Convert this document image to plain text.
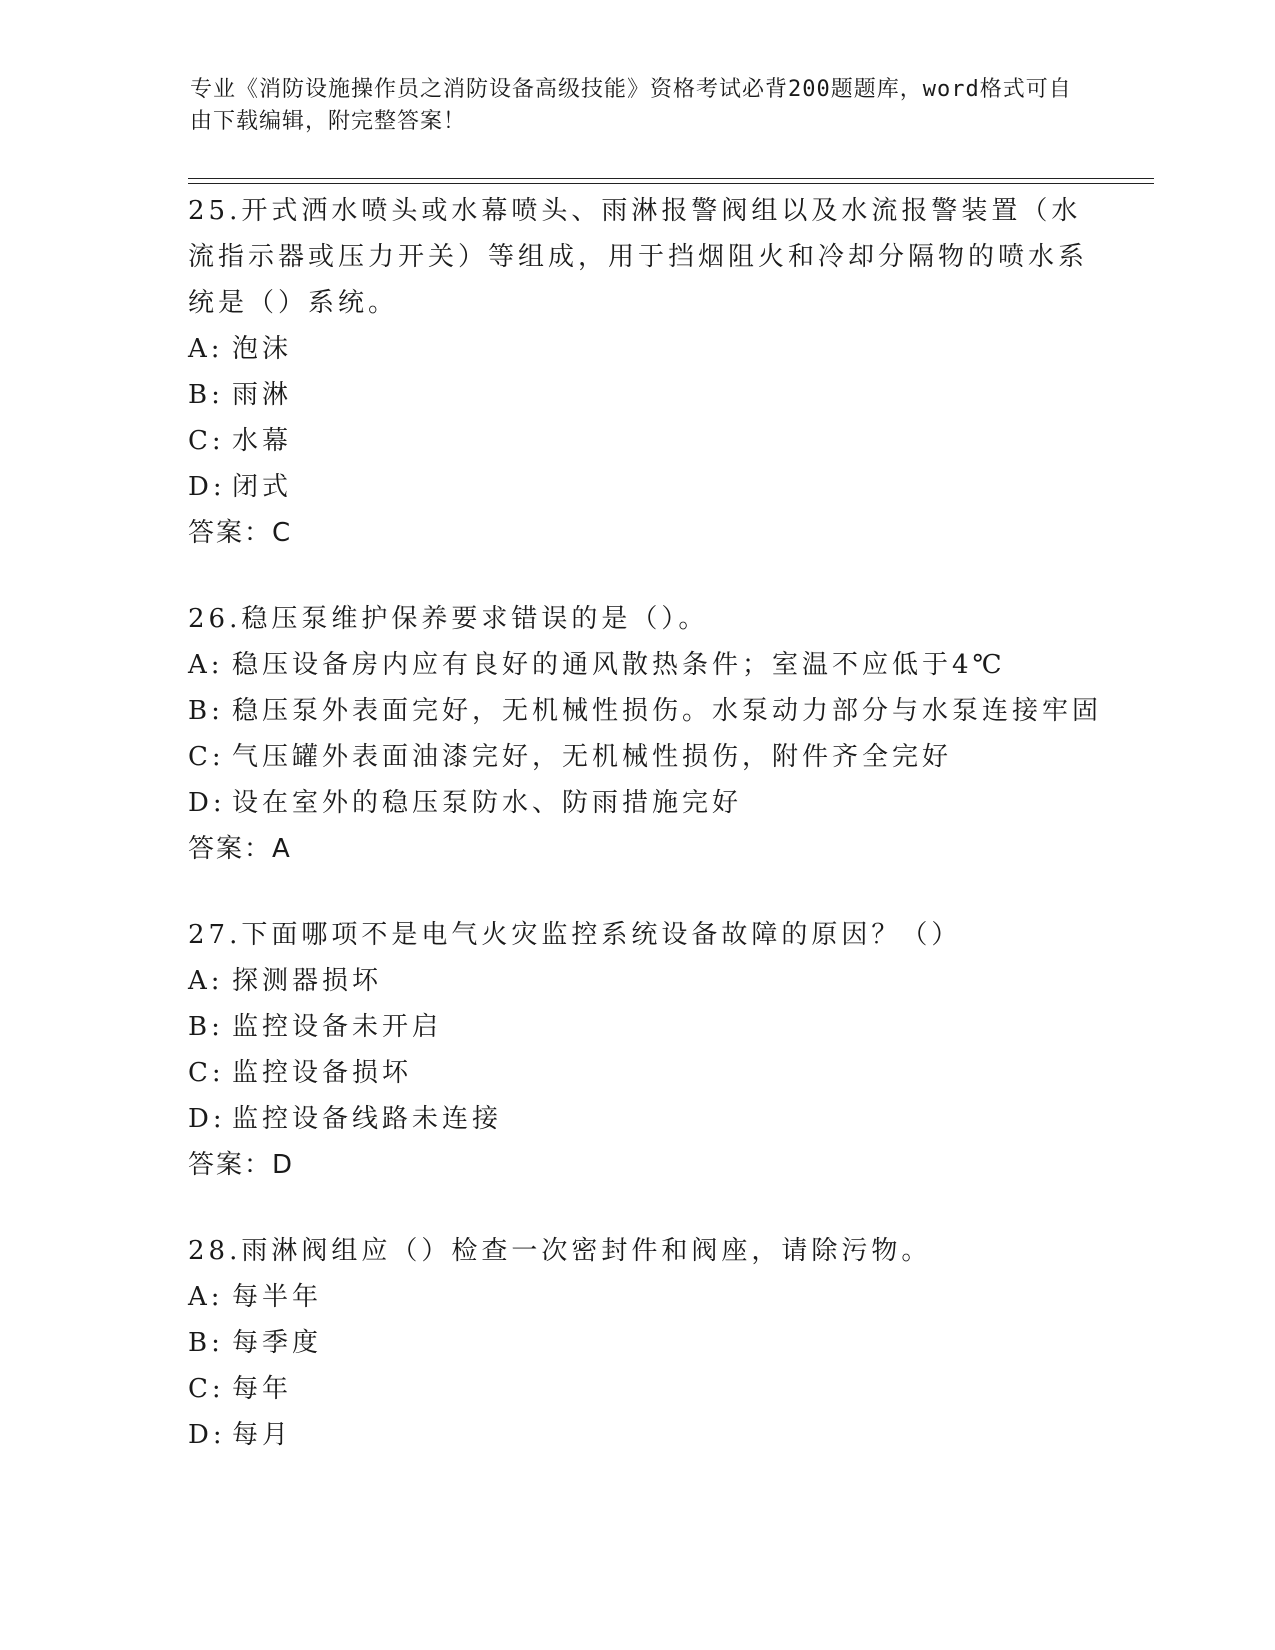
专业《消防设施操作员之消防设备高级技能》资格考试必背200题题库，word格式可自由下载编辑，附完整答案！

25.开式洒水喷头或水幕喷头、雨淋报警阀组以及水流报警装置（水流指示器或压力开关）等组成，用于挡烟阻火和冷却分隔物的喷水系统是（）系统。

A: 泡沫

B: 雨淋

C: 水幕

D: 闭式

答案：C

26.稳压泵维护保养要求错误的是（）。

A: 稳压设备房内应有良好的通风散热条件；室温不应低于4℃

B: 稳压泵外表面完好，无机械性损伤。水泵动力部分与水泵连接牢固

C: 气压罐外表面油漆完好，无机械性损伤，附件齐全完好

D: 设在室外的稳压泵防水、防雨措施完好

答案：A

27.下面哪项不是电气火灾监控系统设备故障的原因？（）

A: 探测器损坏

B: 监控设备未开启

C: 监控设备损坏

D: 监控设备线路未连接

答案：D

28.雨淋阀组应（）检查一次密封件和阀座，请除污物。

A: 每半年

B: 每季度

C: 每年

D: 每月
